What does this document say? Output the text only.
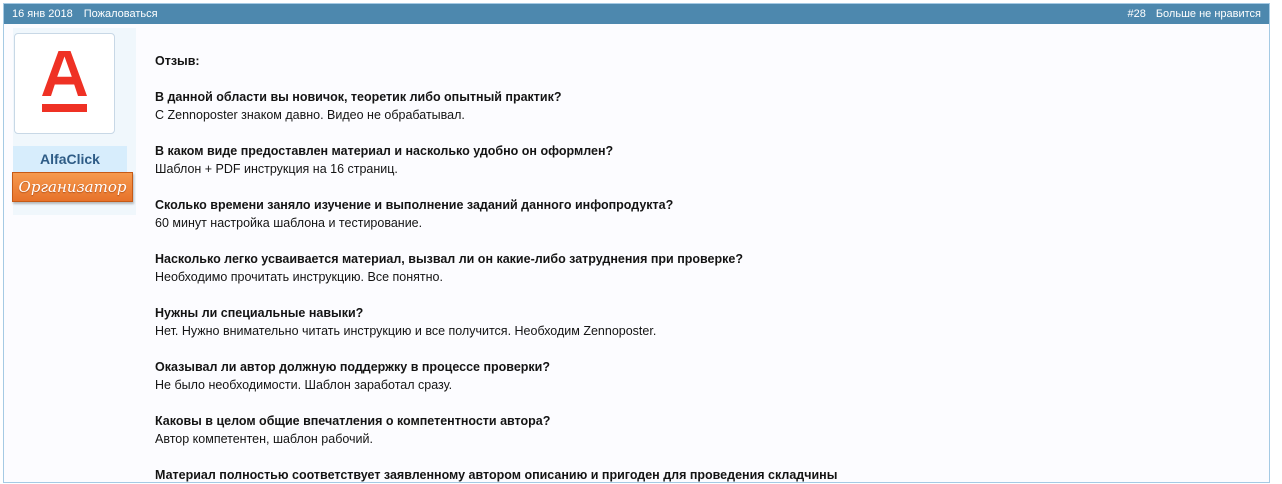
16 янв 2018 Пожаловаться	#28 Больше не нравится
AlfaClick
Организатор
Отзыв:
В данной области вы новичок, теоретик либо опытный практик?
С Zennoposter знаком давно. Видео не обрабатывал.
В каком виде предоставлен материал и насколько удобно он оформлен?
Шаблон + PDF инструкция на 16 страниц.
Сколько времени заняло изучение и выполнение заданий данного инфопродукта?
60 минут настройка шаблона и тестирование.
Насколько легко усваивается материал, вызвал ли он какие-либо затруднения при проверке?
Необходимо прочитать инструкцию. Все понятно.
Нужны ли специальные навыки?
Нет. Нужно внимательно читать инструкцию и все получится. Необходим Zennoposter.
Оказывал ли автор должную поддержку в процессе проверки?
Не было необходимости. Шаблон заработал сразу.
Каковы в целом общие впечатления о компетентности автора?
Автор компетентен, шаблон рабочий.
Материал полностью соответствует заявленному автором описанию и пригоден для проведения складчины
